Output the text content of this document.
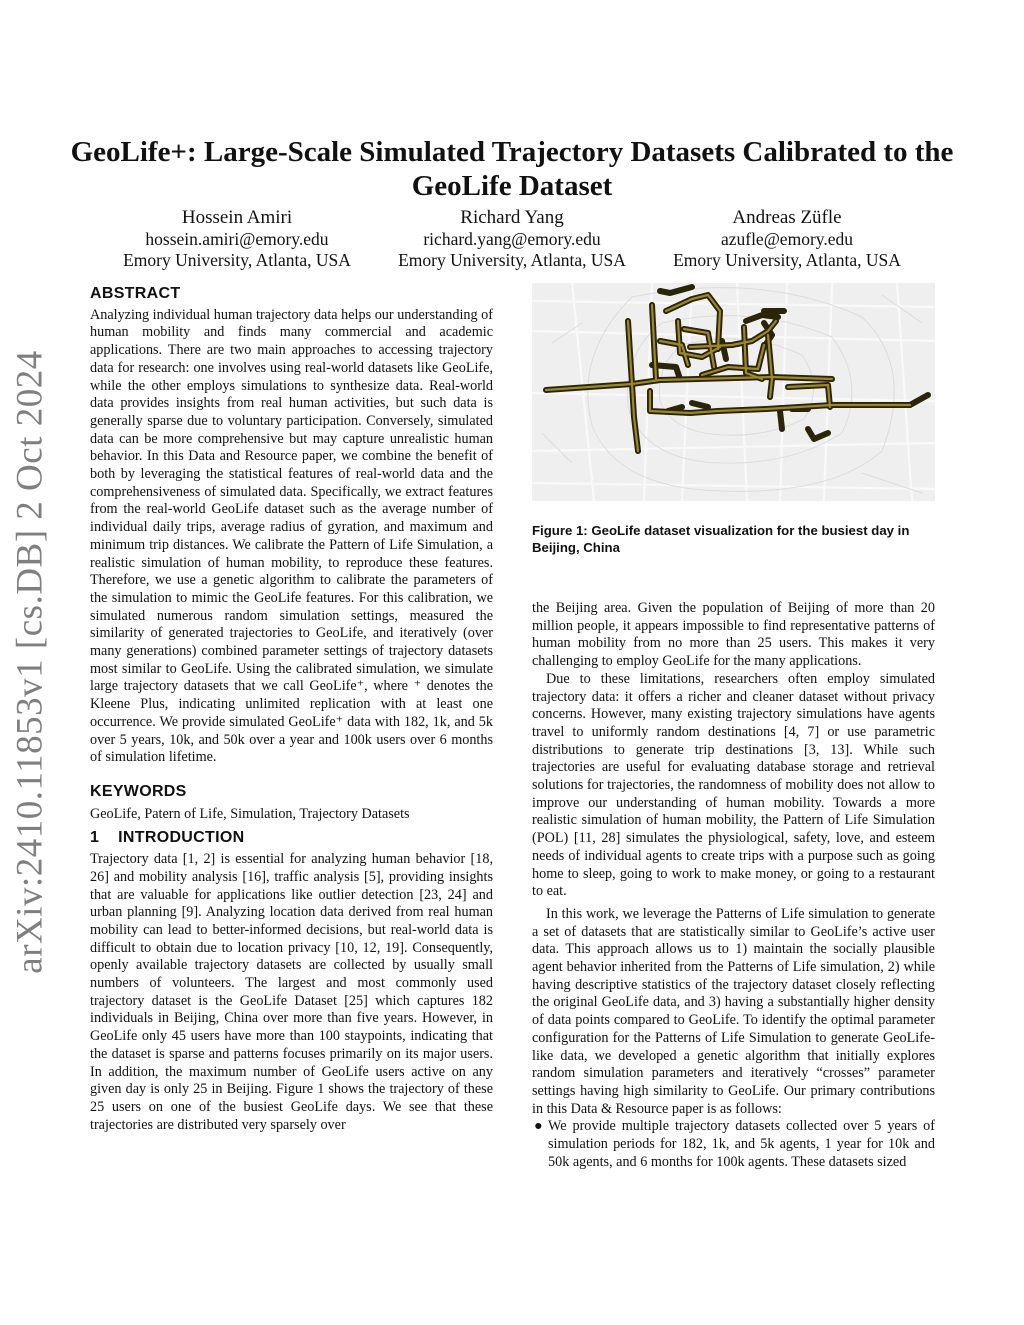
arXiv:2410.11853v1 [cs.DB] 2 Oct 2024
GeoLife+: Large-Scale Simulated Trajectory Datasets Calibrated to the GeoLife Dataset
Hossein Amiri
hossein.amiri@emory.edu
Emory University, Atlanta, USA
Richard Yang
richard.yang@emory.edu
Emory University, Atlanta, USA
Andreas Züfle
azufle@emory.edu
Emory University, Atlanta, USA
ABSTRACT

Analyzing individual human trajectory data helps our understanding of human mobility and finds many commercial and academic applications. There are two main approaches to accessing trajectory data for research: one involves using real-world datasets like GeoLife, while the other employs simulations to synthesize data. Real-world data provides insights from real human activities, but such data is generally sparse due to voluntary participation. Conversely, simulated data can be more comprehensive but may capture unrealistic human behavior. In this Data and Resource paper, we combine the benefit of both by leveraging the statistical features of real-world data and the comprehensiveness of simulated data. Specifically, we extract features from the real-world GeoLife dataset such as the average number of individual daily trips, average radius of gyration, and maximum and minimum trip distances. We calibrate the Pattern of Life Simulation, a realistic simulation of human mobility, to reproduce these features. Therefore, we use a genetic algorithm to calibrate the parameters of the simulation to mimic the GeoLife features. For this calibration, we simulated numerous random simulation settings, measured the similarity of generated trajectories to GeoLife, and iteratively (over many generations) combined parameter settings of trajectory datasets most similar to GeoLife. Using the calibrated simulation, we simulate large trajectory datasets that we call GeoLife⁺, where ⁺ denotes the Kleene Plus, indicating unlimited replication with at least one occurrence. We provide simulated GeoLife⁺ data with 182, 1k, and 5k over 5 years, 10k, and 50k over a year and 100k users over 6 months of simulation lifetime.

KEYWORDS

GeoLife, Patern of Life, Simulation, Trajectory Datasets

1    INTRODUCTION

Trajectory data [1, 2] is essential for analyzing human behavior [18, 26] and mobility analysis [16], traffic analysis [5], providing insights that are valuable for applications like outlier detection [23, 24] and urban planning [9]. Analyzing location data derived from real human mobility can lead to better-informed decisions, but real-world data is difficult to obtain due to location privacy [10, 12, 19]. Consequently, openly available trajectory datasets are collected by usually small numbers of volunteers. The largest and most commonly used trajectory dataset is the GeoLife Dataset [25] which captures 182 individuals in Beijing, China over more than five years. However, in GeoLife only 45 users have more than 100 staypoints, indicating that the dataset is sparse and patterns focuses primarily on its major users. In addition, the maximum number of GeoLife users active on any given day is only 25 in Beijing. Figure 1 shows the trajectory of these 25 users on one of the busiest GeoLife days. We see that these trajectories are distributed very sparsely over

Figure 1: GeoLife dataset visualization for the busiest day in Beijing, China

the Beijing area. Given the population of Beijing of more than 20 million people, it appears impossible to find representative patterns of human mobility from no more than 25 users. This makes it very challenging to employ GeoLife for the many applications.

Due to these limitations, researchers often employ simulated trajectory data: it offers a richer and cleaner dataset without privacy concerns. However, many existing trajectory simulations have agents travel to uniformly random destinations [4, 7] or use parametric distributions to generate trip destinations [3, 13]. While such trajectories are useful for evaluating database storage and retrieval solutions for trajectories, the randomness of mobility does not allow to improve our understanding of human mobility. Towards a more realistic simulation of human mobility, the Pattern of Life Simulation (POL) [11, 28] simulates the physiological, safety, love, and esteem needs of individual agents to create trips with a purpose such as going home to sleep, going to work to make money, or going to a restaurant to eat.

In this work, we leverage the Patterns of Life simulation to generate a set of datasets that are statistically similar to GeoLife’s active user data. This approach allows us to 1) maintain the socially plausible agent behavior inherited from the Patterns of Life simulation, 2) while having descriptive statistics of the trajectory dataset closely reflecting the original GeoLife data, and 3) having a substantially higher density of data points compared to GeoLife. To identify the optimal parameter configuration for the Patterns of Life Simulation to generate GeoLife-like data, we developed a genetic algorithm that initially explores random simulation parameters and iteratively “crosses” parameter settings having high similarity to GeoLife. Our primary contributions in this Data & Resource paper is as follows:

● We provide multiple trajectory datasets collected over 5 years of simulation periods for 182, 1k, and 5k agents, 1 year for 10k and 50k agents, and 6 months for 100k agents. These datasets sized
